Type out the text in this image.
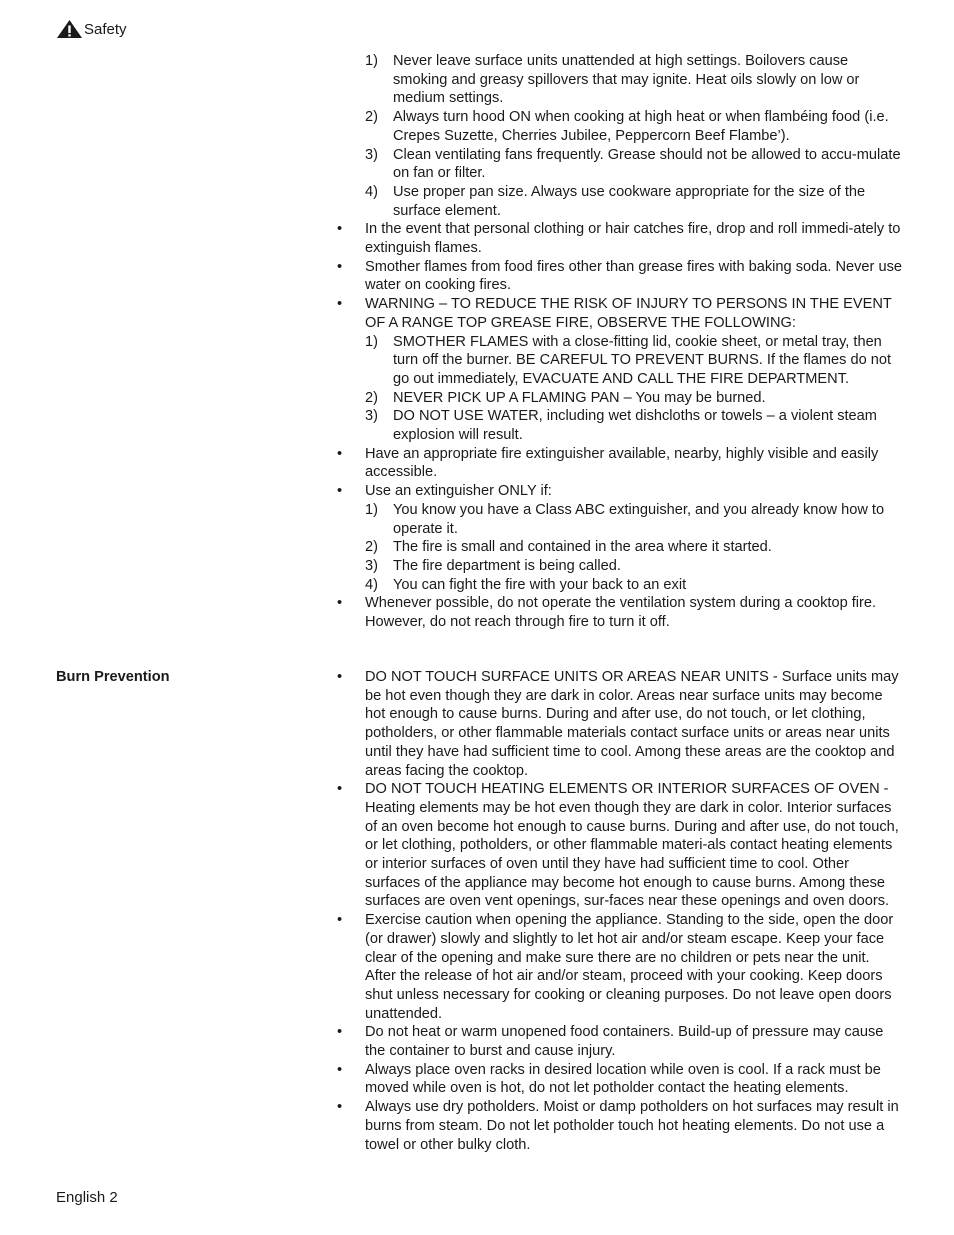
Safety
1) Never leave surface units unattended at high settings. Boilovers cause smoking and greasy spillovers that may ignite. Heat oils slowly on low or medium settings.
2) Always turn hood ON when cooking at high heat or when flambéing food (i.e. Crepes Suzette, Cherries Jubilee, Peppercorn Beef Flambe’).
3) Clean ventilating fans frequently. Grease should not be allowed to accu-mulate on fan or filter.
4) Use proper pan size. Always use cookware appropriate for the size of the surface element.
• In the event that personal clothing or hair catches fire, drop and roll immedi-ately to extinguish flames.
• Smother flames from food fires other than grease fires with baking soda. Never use water on cooking fires.
• WARNING – TO REDUCE THE RISK OF INJURY TO PERSONS IN THE EVENT OF A RANGE TOP GREASE FIRE, OBSERVE THE FOLLOWING:
1) SMOTHER FLAMES with a close-fitting lid, cookie sheet, or metal tray, then turn off the burner. BE CAREFUL TO PREVENT BURNS. If the flames do not go out immediately, EVACUATE AND CALL THE FIRE DEPARTMENT.
2) NEVER PICK UP A FLAMING PAN – You may be burned.
3) DO NOT USE WATER, including wet dishcloths or towels – a violent steam explosion will result.
• Have an appropriate fire extinguisher available, nearby, highly visible and easily accessible.
• Use an extinguisher ONLY if:
1) You know you have a Class ABC extinguisher, and you already know how to operate it.
2) The fire is small and contained in the area where it started.
3) The fire department is being called.
4) You can fight the fire with your back to an exit
• Whenever possible, do not operate the ventilation system during a cooktop fire. However, do not reach through fire to turn it off.
Burn Prevention	• DO NOT TOUCH SURFACE UNITS OR AREAS NEAR UNITS - Surface units may be hot even though they are dark in color. Areas near surface units may become hot enough to cause burns. During and after use, do not touch, or let clothing, potholders, or other flammable materials contact surface units or areas near units until they have had sufficient time to cool. Among these areas are the cooktop and areas facing the cooktop.
• DO NOT TOUCH HEATING ELEMENTS OR INTERIOR SURFACES OF OVEN - Heating elements may be hot even though they are dark in color. Interior surfaces of an oven become hot enough to cause burns. During and after use, do not touch, or let clothing, potholders, or other flammable materi-als contact heating elements or interior surfaces of oven until they have had sufficient time to cool. Other surfaces of the appliance may become hot enough to cause burns. Among these surfaces are oven vent openings, sur-faces near these openings and oven doors.
• Exercise caution when opening the appliance. Standing to the side, open the door (or drawer) slowly and slightly to let hot air and/or steam escape. Keep your face clear of the opening and make sure there are no children or pets near the unit. After the release of hot air and/or steam, proceed with your cooking. Keep doors shut unless necessary for cooking or cleaning purposes. Do not leave open doors unattended.
• Do not heat or warm unopened food containers. Build-up of pressure may cause the container to burst and cause injury.
• Always place oven racks in desired location while oven is cool. If a rack must be moved while oven is hot, do not let potholder contact the heating elements.
• Always use dry potholders. Moist or damp potholders on hot surfaces may result in burns from steam. Do not let potholder touch hot heating elements. Do not use a towel or other bulky cloth.
English 2
